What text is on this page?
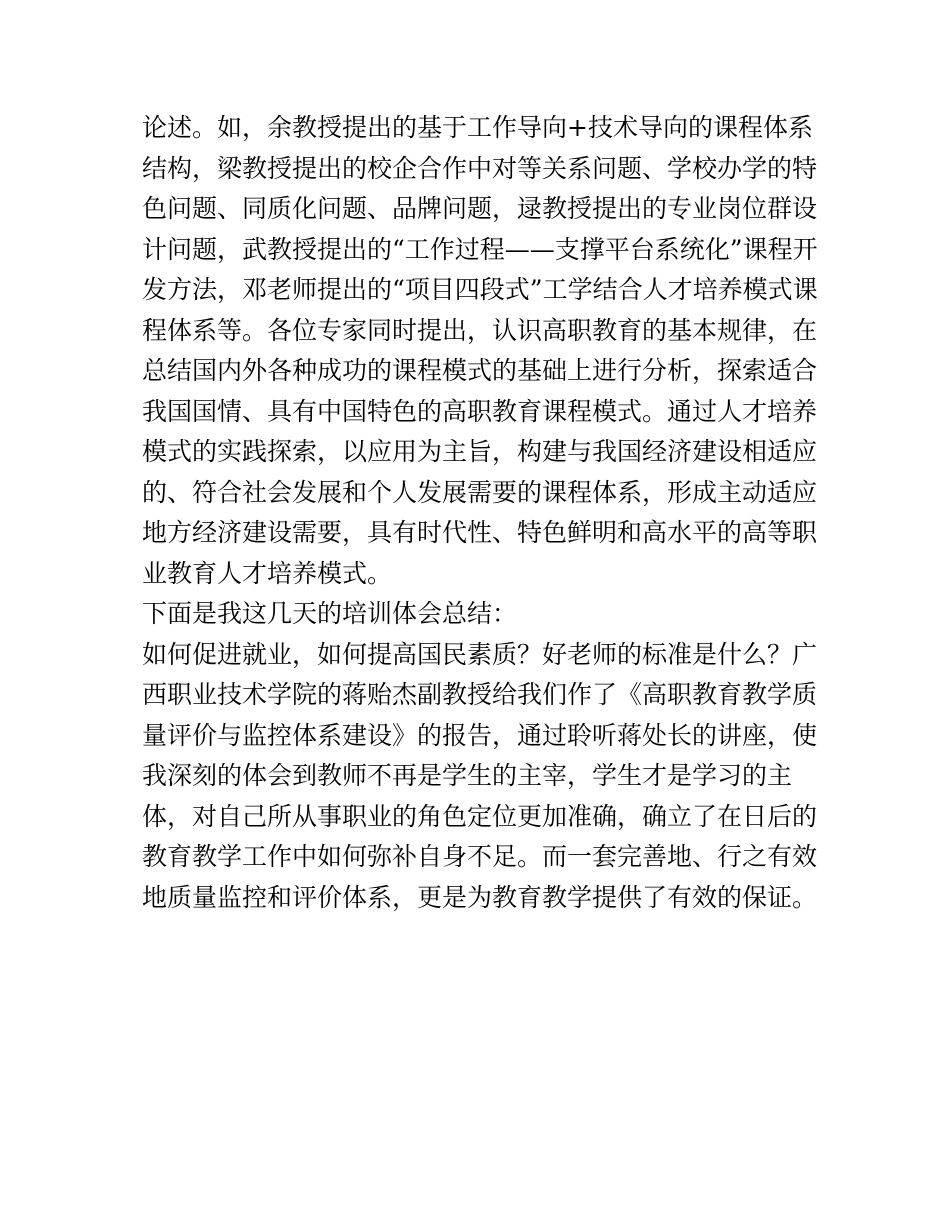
论述。如，余教授提出的基于工作导向+技术导向的课程体系
结构，梁教授提出的校企合作中对等关系问题、学校办学的特
色问题、同质化问题、品牌问题，逯教授提出的专业岗位群设
计问题，武教授提出的“工作过程——支撑平台系统化”课程开
发方法，邓老师提出的“项目四段式”工学结合人才培养模式课
程体系等。各位专家同时提出，认识高职教育的基本规律，在
总结国内外各种成功的课程模式的基础上进行分析，探索适合
我国国情、具有中国特色的高职教育课程模式。通过人才培养
模式的实践探索，以应用为主旨，构建与我国经济建设相适应
的、符合社会发展和个人发展需要的课程体系，形成主动适应
地方经济建设需要，具有时代性、特色鲜明和高水平的高等职
业教育人才培养模式。
下面是我这几天的培训体会总结：
如何促进就业，如何提高国民素质？好老师的标准是什么？广
西职业技术学院的蒋贻杰副教授给我们作了《高职教育教学质
量评价与监控体系建设》的报告，通过聆听蒋处长的讲座，使
我深刻的体会到教师不再是学生的主宰，学生才是学习的主
体，对自己所从事职业的角色定位更加准确，确立了在日后的
教育教学工作中如何弥补自身不足。而一套完善地、行之有效
地质量监控和评价体系，更是为教育教学提供了有效的保证。
